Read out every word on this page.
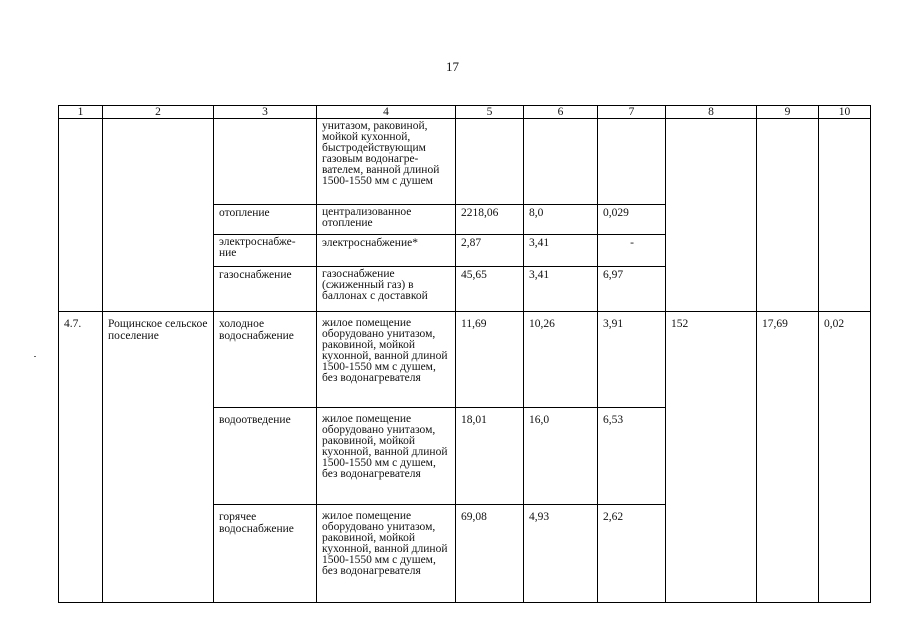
17
1	2	3	4	5	6	7	8	9	10
			унитазом, раковиной, мойкой кухонной, быстродействующим газовым водонагре-вателем, ванной длиной 1500-1550 мм с душем						
		отопление	централизованное отопление	2218,06	8,0	0,029			
		электроснабже-ние	электроснабжение*	2,87	3,41	-			
		газоснабжение	газоснабжение (сжиженный газ) в баллонах с доставкой	45,65	3,41	6,97			
4.7.	Рощинское сельское поселение	холодное водоснабжение	жилое помещение оборудовано унитазом, раковиной, мойкой кухонной, ванной длиной 1500-1550 мм с душем, без водонагревателя	11,69	10,26	3,91	152	17,69	0,02
		водоотведение	жилое помещение оборудовано унитазом, раковиной, мойкой кухонной, ванной длиной 1500-1550 мм с душем, без водонагревателя	18,01	16,0	6,53			
		горячее водоснабжение	жилое помещение оборудовано унитазом, раковиной, мойкой кухонной, ванной длиной 1500-1550 мм с душем, без водонагревателя	69,08	4,93	2,62			
